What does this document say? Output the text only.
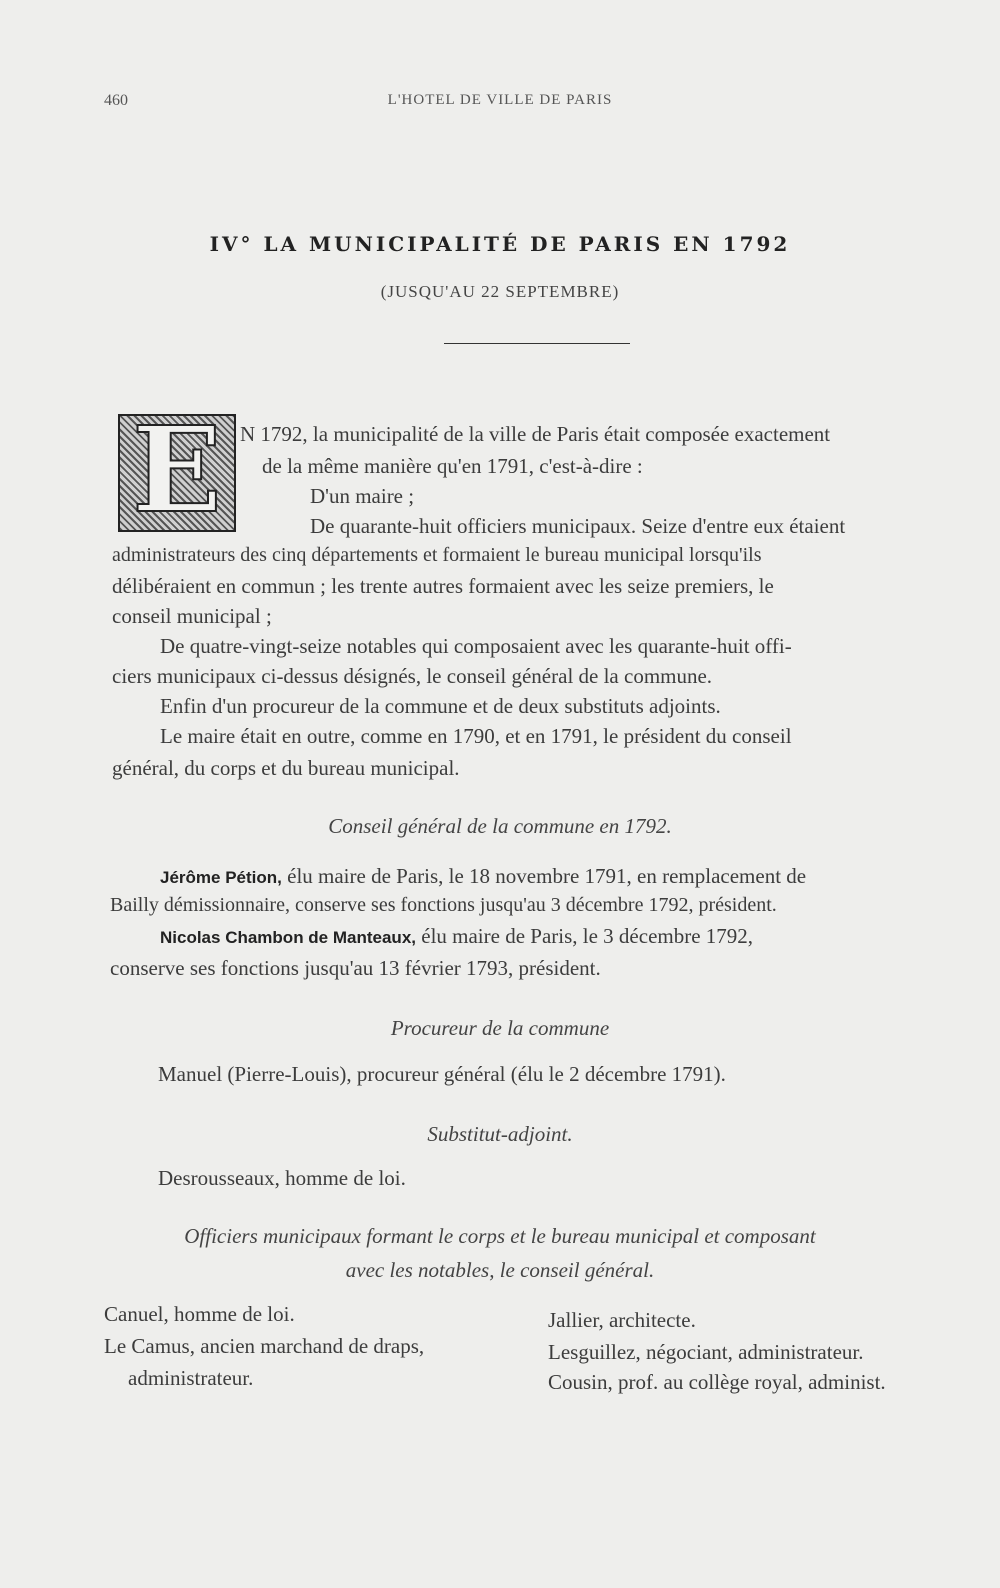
460	L'HOTEL DE VILLE DE PARIS
IV° LA MUNICIPALITÉ DE PARIS EN 1792
(JUSQU'AU 22 SEPTEMBRE)
E N 1792, la municipalité de la ville de Paris était composée exactement
de la même manière qu'en 1791, c'est-à-dire :
D'un maire ;
De quarante-huit officiers municipaux. Seize d'entre eux étaient
administrateurs des cinq départements et formaient le bureau municipal lorsqu'ils
délibéraient en commun ; les trente autres formaient avec les seize premiers, le
conseil municipal ;
De quatre-vingt-seize notables qui composaient avec les quarante-huit offi-
ciers municipaux ci-dessus désignés, le conseil général de la commune.
Enfin d'un procureur de la commune et de deux substituts adjoints.
Le maire était en outre, comme en 1790, et en 1791, le président du conseil
général, du corps et du bureau municipal.
Conseil général de la commune en 1792.
Jérôme Pétion, élu maire de Paris, le 18 novembre 1791, en remplacement de
Bailly démissionnaire, conserve ses fonctions jusqu'au 3 décembre 1792, président.
Nicolas Chambon de Manteaux, élu maire de Paris, le 3 décembre 1792,
conserve ses fonctions jusqu'au 13 février 1793, président.
Procureur de la commune
Manuel (Pierre-Louis), procureur général (élu le 2 décembre 1791).
Substitut-adjoint.
Desrousseaux, homme de loi.
Officiers municipaux formant le corps et le bureau municipal et composant
avec les notables, le conseil général.
Canuel, homme de loi.
Le Camus, ancien marchand de draps,
administrateur.
Jallier, architecte.
Lesguillez, négociant, administrateur.
Cousin, prof. au collège royal, administ.
